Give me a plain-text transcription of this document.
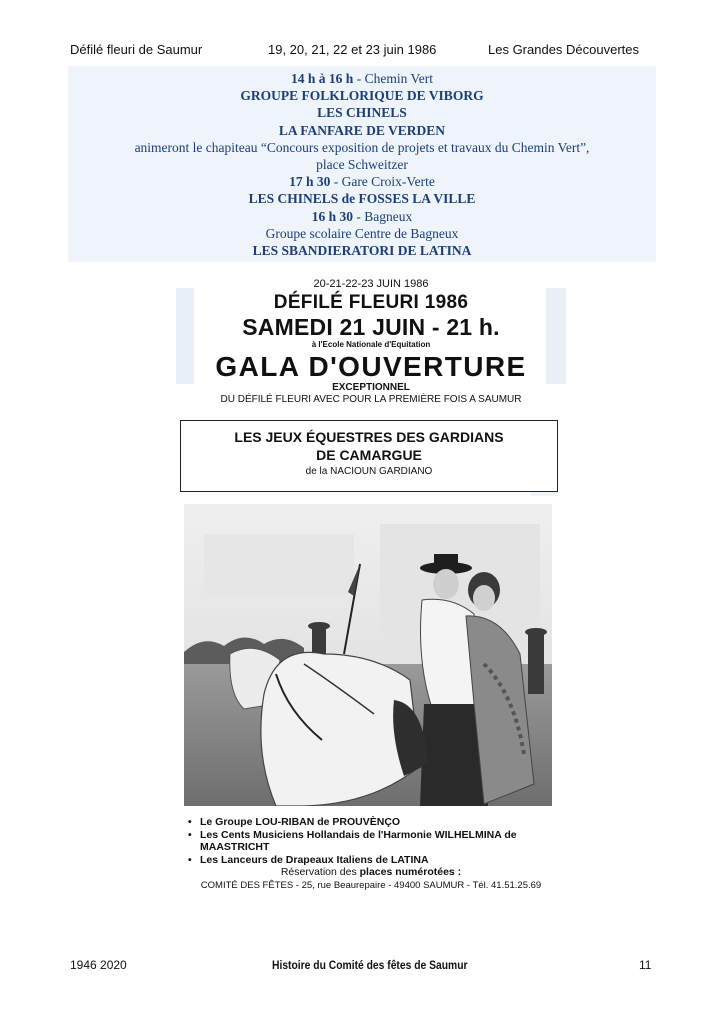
Défilé fleuri de Saumur	19, 20, 21, 22 et 23 juin 1986	Les Grandes Découvertes
14 h à 16 h - Chemin Vert
GROUPE FOLKLORIQUE DE VIBORG
LES CHINELS
LA FANFARE DE VERDEN
animeront le chapiteau “Concours exposition de projets et travaux du Chemin Vert”,
place Schweitzer
17 h 30 - Gare Croix-Verte
LES CHINELS de FOSSES LA VILLE
16 h 30 - Bagneux
Groupe scolaire Centre de Bagneux
LES SBANDIERATORI DE LATINA
20-21-22-23 JUIN 1986
DÉFILÉ FLEURI 1986
SAMEDI 21 JUIN - 21 h.
à l'Ecole Nationale d'Equitation
GALA D'OUVERTURE
EXCEPTIONNEL
DU DÉFILÉ FLEURI AVEC POUR LA PREMIÈRE FOIS A SAUMUR
LES JEUX ÉQUESTRES DES GARDIANS
DE CAMARGUE
de la NACIOUN GARDIANO
• Le Groupe LOU-RIBAN de PROUVÈNÇO
• Les Cents Musiciens Hollandais de l'Harmonie WILHELMINA de MAASTRICHT
• Les Lanceurs de Drapeaux Italiens de LATINA
Réservation des places numérotées :
COMITÉ DES FÊTES - 25, rue Beaurepaire - 49400 SAUMUR - Tél. 41.51.25.69
1946 2020	Histoire du Comité des fêtes de Saumur	11
